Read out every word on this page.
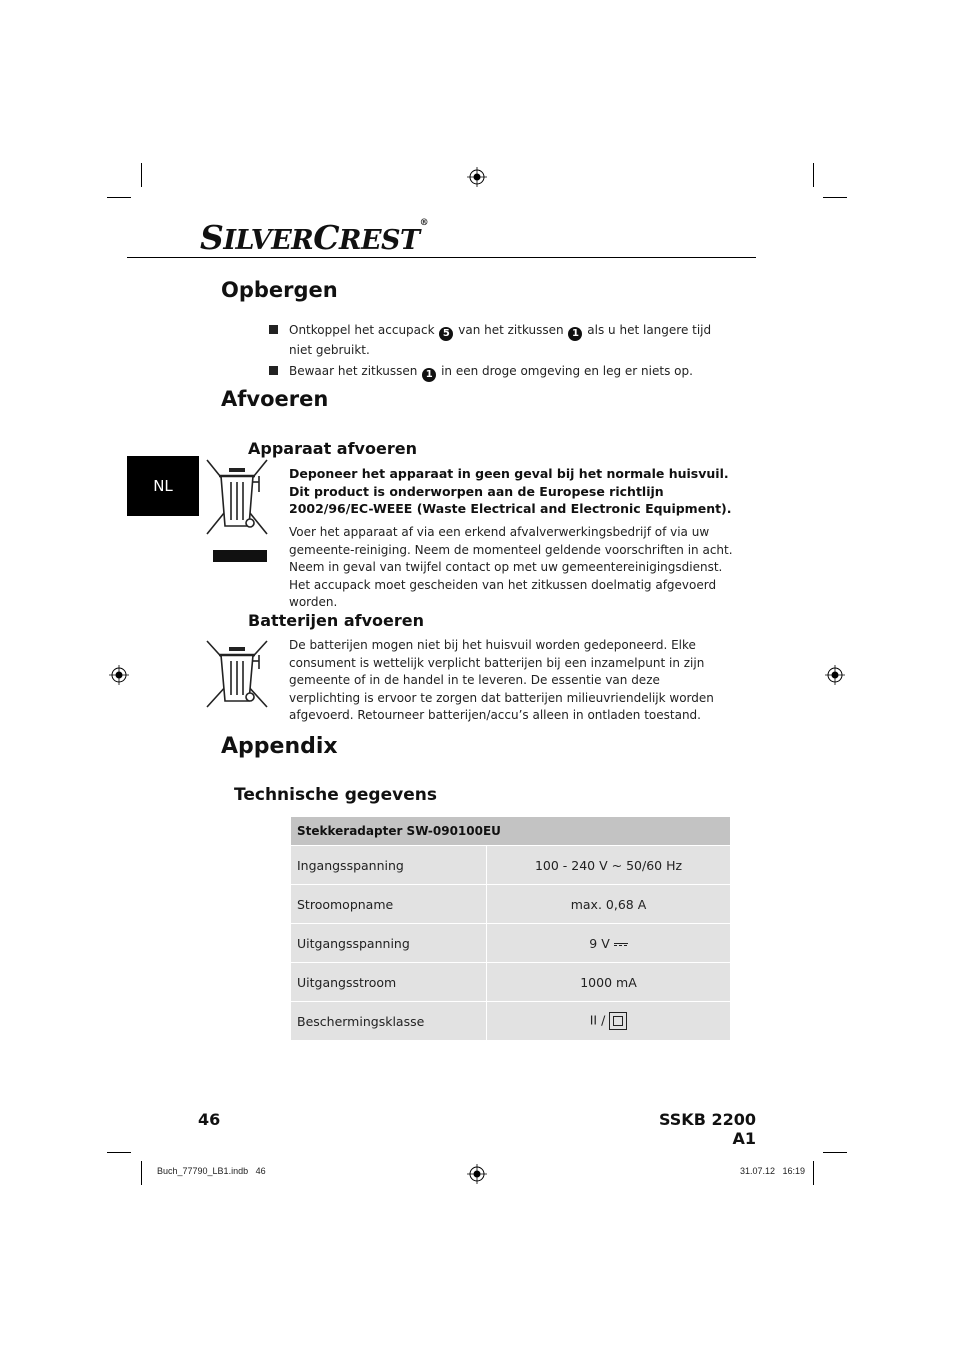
SILVERCREST®
Opbergen
Ontkoppel het accupack 5 van het zitkussen 1 als u het langere tijd niet gebruikt.
Bewaar het zitkussen 1 in een droge omgeving en leg er niets op.
Afvoeren
NL
Apparaat afvoeren
Deponeer het apparaat in geen geval bij het normale huisvuil. Dit product is onderworpen aan de Europese richtlijn 2002/96/EC-WEEE (Waste Electrical and Electronic Equipment).
Voer het apparaat af via een erkend afvalverwerkingsbedrijf of via uw gemeente-reiniging. Neem de momenteel geldende voorschriften in acht. Neem in geval van twijfel contact op met uw gemeentereinigingsdienst. Het accupack moet gescheiden van het zitkussen doelmatig afgevoerd worden.
Batterijen afvoeren
De batterijen mogen niet bij het huisvuil worden gedeponeerd. Elke consument is wettelijk verplicht batterijen bij een inzamelpunt in zijn gemeente of in de handel in te leveren. De essentie van deze verplichting is ervoor te zorgen dat batterijen milieuvriendelijk worden afgevoerd. Retourneer batterijen/accu’s alleen in ontladen toestand.
Appendix
Technische gegevens
Stekkeradapter SW-090100EU	
Ingangsspanning	100 - 240 V ~ 50/60 Hz
Stroomopname	max. 0,68 A
Uitgangsspanning	9 V

Uitgangsstroom	1000 mA
Beschermingsklasse	II /
46	SSKB 2200 A1
Buch_77790_LB1.indb   46	31.07.12   16:19
